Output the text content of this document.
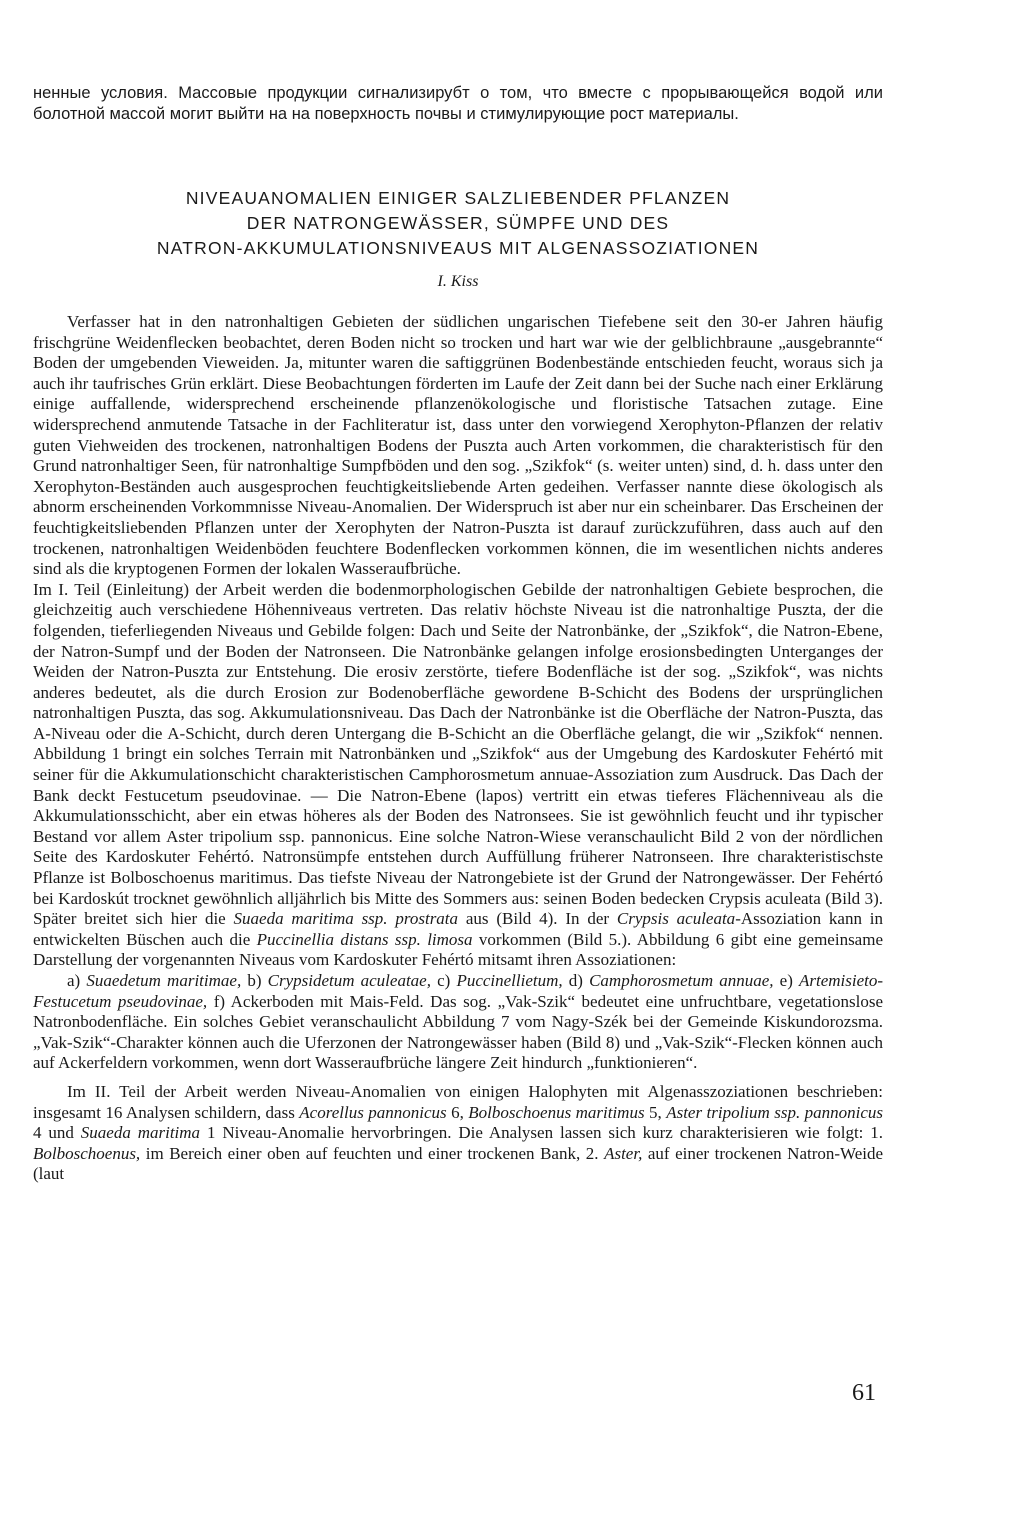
ненные условия. Массовые продукции сигнализирубт о том, что вместе с прорывающейся водой или болотной массой могит выйти на на поверхность почвы и стимулирующие рост материалы.
NIVEAUANOMALIEN EINIGER SALZLIEBENDER PFLANZEN
DER NATRONGEWÄSSER, SÜMPFE UND DES
NATRON-AKKUMULATIONSNIVEAUS MIT ALGENASSOZIATIONEN
I. Kiss

Verfasser hat in den natronhaltigen Gebieten der südlichen ungarischen Tiefebene seit den 30-er Jahren häufig frischgrüne Weidenflecken beobachtet, deren Boden nicht so trocken und hart war wie der gelblichbraune „ausgebrannte“ Boden der umgebenden Vieweiden. Ja, mitunter waren die saftiggrünen Bodenbestände entschieden feucht, woraus sich ja auch ihr taufrisches Grün erklärt. Diese Beobachtungen förderten im Laufe der Zeit dann bei der Suche nach einer Erklärung einige auffallende, widersprechend erscheinende pflanzenökologische und floristische Tatsachen zutage. Eine widersprechend anmutende Tatsache in der Fachliteratur ist, dass unter den vorwiegend Xerophyton-Pflanzen der relativ guten Viehweiden des trockenen, natronhaltigen Bodens der Puszta auch Arten vorkommen, die charakteristisch für den Grund natronhaltiger Seen, für natronhaltige Sumpfböden und den sog. „Szikfok“ (s. weiter unten) sind, d. h. dass unter den Xerophyton-Beständen auch ausgesprochen feuchtigkeitsliebende Arten gedeihen. Verfasser nannte diese ökologisch als abnorm erscheinenden Vorkommnisse Niveau-Anomalien. Der Widerspruch ist aber nur ein scheinbarer. Das Erscheinen der feuchtigkeitsliebenden Pflanzen unter der Xerophyten der Natron-Puszta ist darauf zurückzuführen, dass auch auf den trockenen, natronhaltigen Weidenböden feuchtere Bodenflecken vorkommen können, die im wesentlichen nichts anderes sind als die kryptogenen Formen der lokalen Wasseraufbrüche.

Im I. Teil (Einleitung) der Arbeit werden die bodenmorphologischen Gebilde der natronhaltigen Gebiete besprochen, die gleichzeitig auch verschiedene Höhenniveaus vertreten. Das relativ höchste Niveau ist die natronhaltige Puszta, der die folgenden, tieferliegenden Niveaus und Gebilde folgen: Dach und Seite der Natronbänke, der „Szikfok“, die Natron-Ebene, der Natron-Sumpf und der Boden der Natronseen. Die Natronbänke gelangen infolge erosionsbedingten Unterganges der Weiden der Natron-Puszta zur Entstehung. Die erosiv zerstörte, tiefere Bodenfläche ist der sog. „Szikfok“, was nichts anderes bedeutet, als die durch Erosion zur Bodenoberfläche gewordene B-Schicht des Bodens der ursprünglichen natronhaltigen Puszta, das sog. Akkumulationsniveau. Das Dach der Natronbänke ist die Oberfläche der Natron-Puszta, das A-Niveau oder die A-Schicht, durch deren Untergang die B-Schicht an die Oberfläche gelangt, die wir „Szikfok“ nennen. Abbildung 1 bringt ein solches Terrain mit Natronbänken und „Szikfok“ aus der Umgebung des Kardoskuter Fehértó mit seiner für die Akkumulationschicht charakteristischen Camphorosmetum annuae-Assoziation zum Ausdruck. Das Dach der Bank deckt Festucetum pseudovinae. — Die Natron-Ebene (lapos) vertritt ein etwas tieferes Flächenniveau als die Akkumulationsschicht, aber ein etwas höheres als der Boden des Natronsees. Sie ist gewöhnlich feucht und ihr typischer Bestand vor allem Aster tripolium ssp. pannonicus. Eine solche Natron-Wiese veranschaulicht Bild 2 von der nördlichen Seite des Kardoskuter Fehértó. Natronsümpfe entstehen durch Auffüllung früherer Natronseen. Ihre charakteristischste Pflanze ist Bolboschoenus maritimus. Das tiefste Niveau der Natrongebiete ist der Grund der Natrongewässer. Der Fehértó bei Kardoskút trocknet gewöhnlich alljährlich bis Mitte des Sommers aus: seinen Boden bedecken Crypsis aculeata (Bild 3). Später breitet sich hier die Suaeda maritima ssp. prostrata aus (Bild 4). In der Crypsis aculeata-Assoziation kann in entwickelten Büschen auch die Puccinellia distans ssp. limosa vorkommen (Bild 5.). Abbildung 6 gibt eine gemeinsame Darstellung der vorgenannten Niveaus vom Kardoskuter Fehértó mitsamt ihren Assoziationen:

a) Suaedetum maritimae, b) Crypsidetum aculeatae, c) Puccinellietum, d) Camphorosmetum annuae, e) Artemisieto-Festucetum pseudovinae, f) Ackerboden mit Mais-Feld. Das sog. „Vak-Szik“ bedeutet eine unfruchtbare, vegetationslose Natronbodenfläche. Ein solches Gebiet veranschaulicht Abbildung 7 vom Nagy-Szék bei der Gemeinde Kiskundorozsma. „Vak-Szik“-Charakter können auch die Uferzonen der Natrongewässer haben (Bild 8) und „Vak-Szik“-Flecken können auch auf Ackerfeldern vorkommen, wenn dort Wasseraufbrüche längere Zeit hindurch „funktionieren“.

Im II. Teil der Arbeit werden Niveau-Anomalien von einigen Halophyten mit Algenasszoziationen beschrieben: insgesamt 16 Analysen schildern, dass Acorellus pannonicus 6, Bolboschoenus maritimus 5, Aster tripolium ssp. pannonicus 4 und Suaeda maritima 1 Niveau-Anomalie hervorbringen. Die Analysen lassen sich kurz charakterisieren wie folgt: 1. Bolboschoenus, im Bereich einer oben auf feuchten und einer trockenen Bank, 2. Aster, auf einer trockenen Natron-Weide (laut

61
